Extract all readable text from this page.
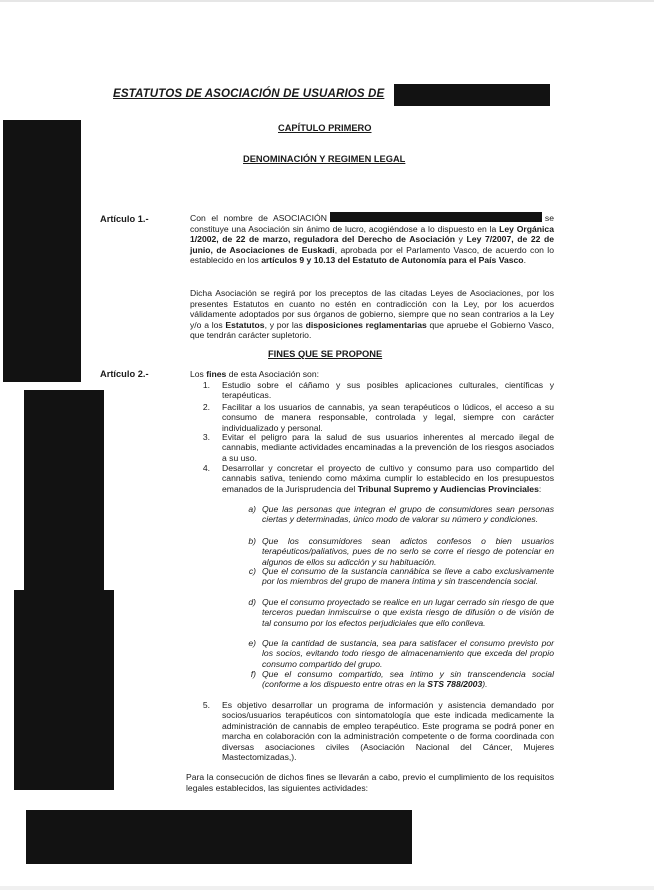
ESTATUTOS DE ASOCIACIÓN DE USUARIOS DE
CAPÍTULO PRIMERO
DENOMINACIÓN Y REGIMEN LEGAL
Artículo 1.-	Con el nombre de ASOCIACIÓN	se constituye una Asociación sin ánimo de lucro, acogiéndose a lo dispuesto en la Ley Orgánica 1/2002, de 22 de marzo, reguladora del Derecho de Asociación y Ley 7/2007, de 22 de junio, de Asociaciones de Euskadi, aprobada por el Parlamento Vasco, de acuerdo con lo establecido en los artículos 9 y 10.13 del Estatuto de Autonomía para el País Vasco.
Dicha Asociación se regirá por los preceptos de las citadas Leyes de Asociaciones, por los presentes Estatutos en cuanto no estén en contradicción con la Ley, por los acuerdos válidamente adoptados por sus órganos de gobierno, siempre que no sean contrarios a la Ley y/o a los Estatutos, y por las disposiciones reglamentarias que apruebe el Gobierno Vasco, que tendrán carácter supletorio.
FINES QUE SE PROPONE
Artículo 2.-	Los fines de esta Asociación son:
1. Estudio sobre el cáñamo y sus posibles aplicaciones culturales, científicas y terapéuticas.
2. Facilitar a los usuarios de cannabis, ya sean terapéuticos o lúdicos, el acceso a su consumo de manera responsable, controlada y legal, siempre con carácter individualizado y personal.
3. Evitar el peligro para la salud de sus usuarios inherentes al mercado ilegal de cannabis, mediante actividades encaminadas a la prevención de los riesgos asociados a su uso.
4. Desarrollar y concretar el proyecto de cultivo y consumo para uso compartido del cannabis sativa, teniendo como máxima cumplir lo establecido en los presupuestos emanados de la Jurisprudencia del Tribunal Supremo y Audiencias Provinciales:
a) Que las personas que integran el grupo de consumidores sean personas ciertas y determinadas, único modo de valorar su número y condiciones.
b) Que los consumidores sean adictos confesos o bien usuarios terapéuticos/paliativos, pues de no serlo se corre el riesgo de potenciar en algunos de ellos su adicción y su habituación.
c) Que el consumo de la sustancia cannábica se lleve a cabo exclusivamente por los miembros del grupo de manera íntima y sin trascendencia social.
d) Que el consumo proyectado se realice en un lugar cerrado sin riesgo de que terceros puedan inmiscuirse o que exista riesgo de difusión o de visión de tal consumo por los efectos perjudiciales que ello conlleva.
e) Que la cantidad de sustancia, sea para satisfacer el consumo previsto por los socios, evitando todo riesgo de almacenamiento que exceda del propio consumo compartido del grupo.
f) Que el consumo compartido, sea íntimo y sin transcendencia social (conforme a los dispuesto entre otras en la STS 788/2003).
5. Es objetivo desarrollar un programa de información y asistencia demandado por socios/usuarios terapéuticos con sintomatología que este indicada medicamente la administración de cannabis de empleo terapéutico. Este programa se podrá poner en marcha en colaboración con la administración competente o de forma coordinada con diversas asociaciones civiles (Asociación Nacional del Cáncer, Mujeres Mastectomizadas,).
Para la consecución de dichos fines se llevarán a cabo, previo el cumplimiento de los requisitos legales establecidos, las siguientes actividades:
